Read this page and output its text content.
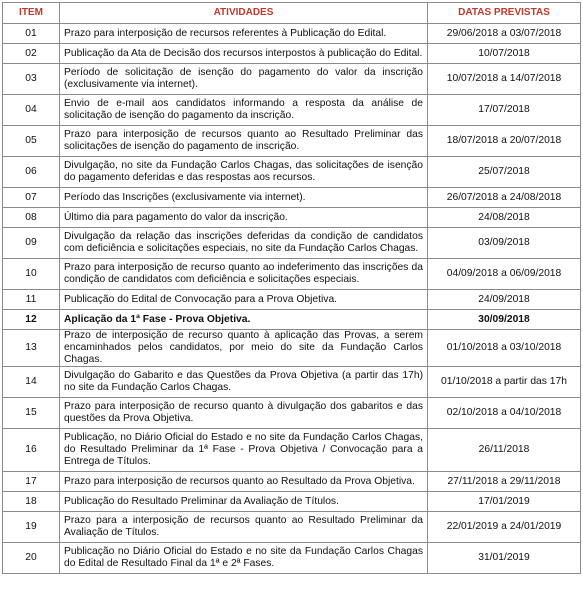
ITEM	ATIVIDADES	DATAS PREVISTAS
01	Prazo para interposição de recursos referentes à Publicação do Edital.	29/06/2018 a 03/07/2018
02	Publicação da Ata de Decisão dos recursos interpostos à publicação do Edital.	10/07/2018
03	Período de solicitação de isenção do pagamento do valor da inscrição (exclusivamente via internet).	10/07/2018 a 14/07/2018
04	Envio de e-mail aos candidatos informando a resposta da análise de solicitação de isenção do pagamento da inscrição.	17/07/2018
05	Prazo para interposição de recursos quanto ao Resultado Preliminar das solicitações de isenção do pagamento de inscrição.	18/07/2018 a 20/07/2018
06	Divulgação, no site da Fundação Carlos Chagas, das solicitações de isenção do pagamento deferidas e das respostas aos recursos.	25/07/2018
07	Período das Inscrições (exclusivamente via internet).	26/07/2018 a 24/08/2018
08	Último dia para pagamento do valor da inscrição.	24/08/2018
09	Divulgação da relação das inscrições deferidas da condição de candidatos com deficiência e solicitações especiais, no site da Fundação Carlos Chagas.	03/09/2018
10	Prazo para interposição de recurso quanto ao indeferimento das inscrições da condição de candidatos com deficiência e solicitações especiais.	04/09/2018 a 06/09/2018
11	Publicação do Edital de Convocação para a Prova Objetiva.	24/09/2018
12	Aplicação da 1ª Fase - Prova Objetiva.	30/09/2018
13	Prazo de interposição de recurso quanto à aplicação das Provas, a serem encaminhados pelos candidatos, por meio do site da Fundação Carlos Chagas.	01/10/2018 a 03/10/2018
14	Divulgação do Gabarito e das Questões da Prova Objetiva (a partir das 17h) no site da Fundação Carlos Chagas.	01/10/2018 a partir das 17h
15	Prazo para interposição de recurso quanto à divulgação dos gabaritos e das questões da Prova Objetiva.	02/10/2018 a 04/10/2018
16	Publicação, no Diário Oficial do Estado e no site da Fundação Carlos Chagas, do Resultado Preliminar da 1ª Fase - Prova Objetiva / Convocação para a Entrega de Títulos.	26/11/2018
17	Prazo para interposição de recursos quanto ao Resultado da Prova Objetiva.	27/11/2018 a 29/11/2018
18	Publicação do Resultado Preliminar da Avaliação de Títulos.	17/01/2019
19	Prazo para a interposição de recursos quanto ao Resultado Preliminar da Avaliação de Títulos.	22/01/2019 a 24/01/2019
20	Publicação no Diário Oficial do Estado e no site da Fundação Carlos Chagas do Edital de Resultado Final da 1ª e 2ª Fases.	31/01/2019
